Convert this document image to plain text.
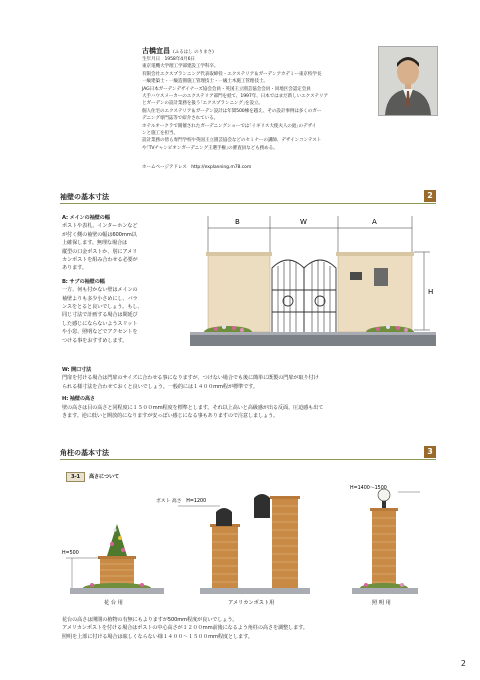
古橋宜昌 (ふるはし のりまさ)
生年月日　1958年4月6日
東京電機大学理工学部建設工学科卒。
有限会社エクスプランニング代表取締役・エクステリア＆ガーデンアカデミー東京校学長
一級建築士・一級造園施工管理技士・一級土木施工管理技士。
JAG日本ガーデンデザイナーズ協会会員・英国王立園芸協会会員・同地区会認定会員
大手ハウスメーカーのエクステリア部門を経て、1997年、日本ではまだ新しいエクステリア
とガーデンの設計業務を扱う｢エクスプランニング｣を設立。
個人住宅のエクステリア＆ガーデン設計は年間500棟を越え、その設計事例は多くのガー
デニング専門誌等で紹介されている。
ホテルオークラで開催されたガーデニングショーでは｢イギリス大使夫人の庭｣のデザイ
ンと施工を担当。
設計業務の傍ら専門学校や英国王立園芸協会などのセミナーの講師、デザインコンテスト
や｢TVチャンピオンガーデニング王選手権｣の審査員なども務める。
ホームページアドレス　http://explanning.m78.com
袖壁の基本寸法	2
A: メインの袖壁の幅
ポストや表札、インターホンなど
が付く側の袖壁の幅は600mm以
上確保します。無理な場合は
縦型の口金ポストか、別にアメリ
カンポストを組み合わせる必要が
あります。
B: サブの袖壁の幅
一方、何も付かない壁はメインの
袖壁よりも多少小さめにし、バラ
ンスをとると良いでしょう。もし、
同じ寸法で計画する場合は間延び
した感じにならないようスリット
や小窓、照明などでアクセントを
つける事をおすすめします。
B	W	A
H
W: 開口寸法
門扉を付ける場合は門扉のサイズに合わせる事になりますが、つけない場合でも後に簡単に既製の門扉が取り付け
られる様寸法を合わせておくと良いでしょう。一般的には１４００mm程が標準です。
H: 袖壁の高さ
壁の高さは目の高さと同程度に１５００mm程度を標準とします。それ以上高いと高級感が出る反面、圧迫感も出て
きます。逆に低いと開放的になりますが安っぽい感じになる事もありますので注意しましょう。
角柱の基本寸法	3
3-1 高さについて
H=500
ポスト 高さ　H=1200
H=1400〜1500
花 台 用	アメリカンポスト用	照 明 用
花台の高さは開閉の植物の有無にもよりますが500mm程度が良いでしょう。
アメリカンポストを付ける場合はポストの中心高さが１２００mm前後になるよう角柱の高さを調整します。
照明を上部に付ける場合は眩しくならない様１４００〜１５００mm程度とします。
2
